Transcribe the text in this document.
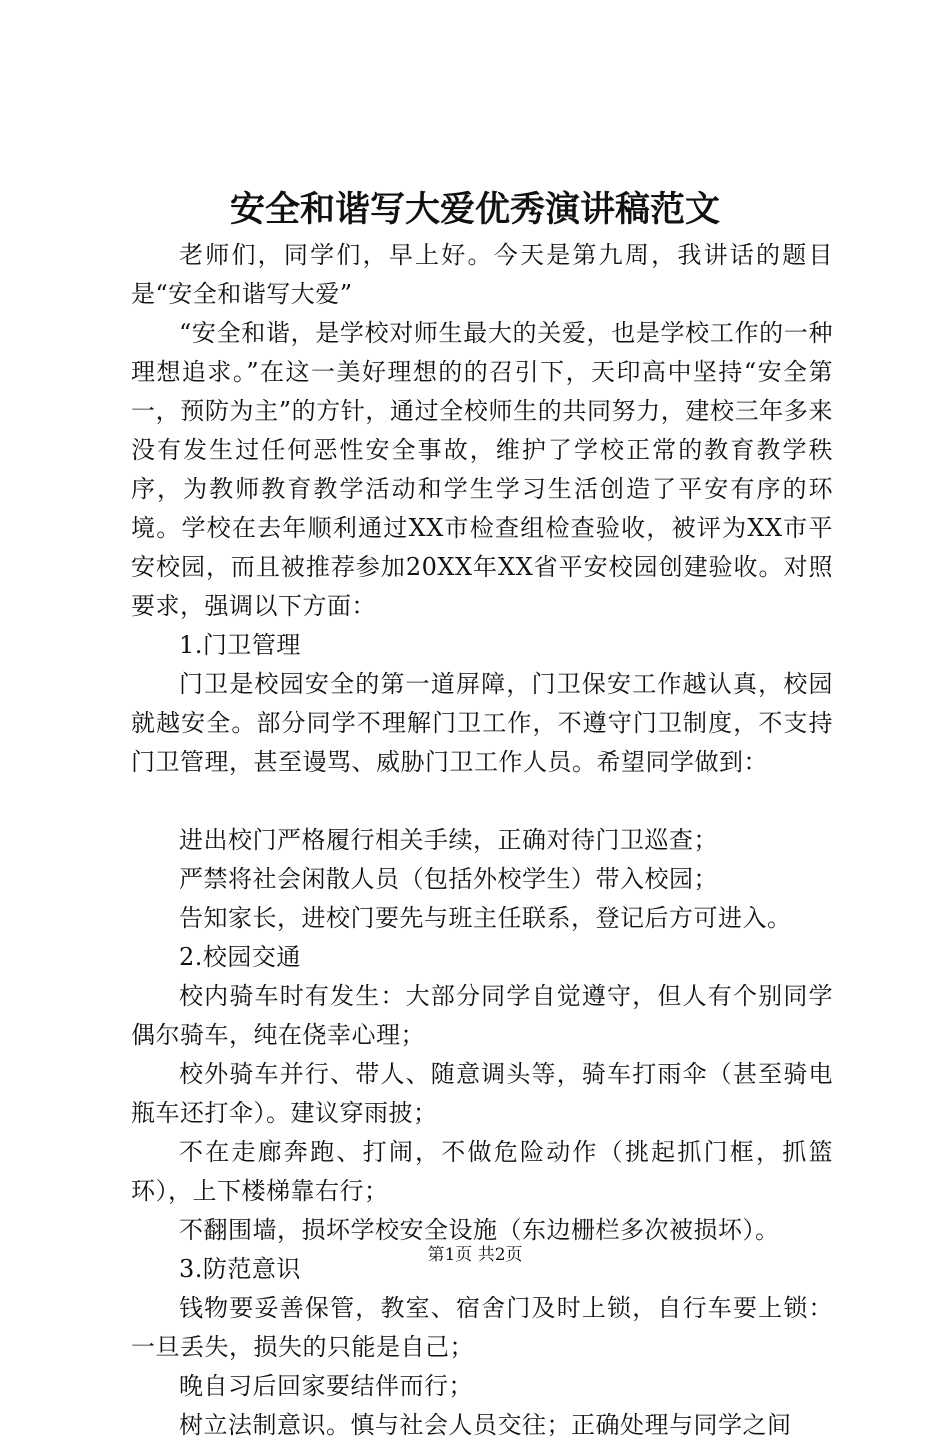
安全和谐写大爱优秀演讲稿范文

老师们，同学们，早上好。今天是第九周，我讲话的题目是“安全和谐写大爱”

“安全和谐，是学校对师生最大的关爱，也是学校工作的一种理想追求。”在这一美好理想的的召引下，天印高中坚持“安全第一，预防为主”的方针，通过全校师生的共同努力，建校三年多来没有发生过任何恶性安全事故，维护了学校正常的教育教学秩序，为教师教育教学活动和学生学习生活创造了平安有序的环境。学校在去年顺利通过XX市检查组检查验收，被评为XX市平安校园，而且被推荐参加20XX年XX省平安校园创建验收。对照要求，强调以下方面：

1.门卫管理

门卫是校园安全的第一道屏障，门卫保安工作越认真，校园就越安全。部分同学不理解门卫工作，不遵守门卫制度，不支持门卫管理，甚至谩骂、威胁门卫工作人员。希望同学做到：

进出校门严格履行相关手续，正确对待门卫巡查；

严禁将社会闲散人员（包括外校学生）带入校园；

告知家长，进校门要先与班主任联系，登记后方可进入。

2.校园交通

校内骑车时有发生：大部分同学自觉遵守，但人有个别同学偶尔骑车，纯在侥幸心理；

校外骑车并行、带人、随意调头等，骑车打雨伞（甚至骑电瓶车还打伞）。建议穿雨披；

不在走廊奔跑、打闹，不做危险动作（挑起抓门框，抓篮环），上下楼梯靠右行；

不翻围墙，损坏学校安全设施（东边栅栏多次被损坏）。

3.防范意识

钱物要妥善保管，教室、宿舍门及时上锁，自行车要上锁：一旦丢失，损失的只能是自己；

晚自习后回家要结伴而行；

树立法制意识。慎与社会人员交往；正确处理与同学之间

第1页 共2页
